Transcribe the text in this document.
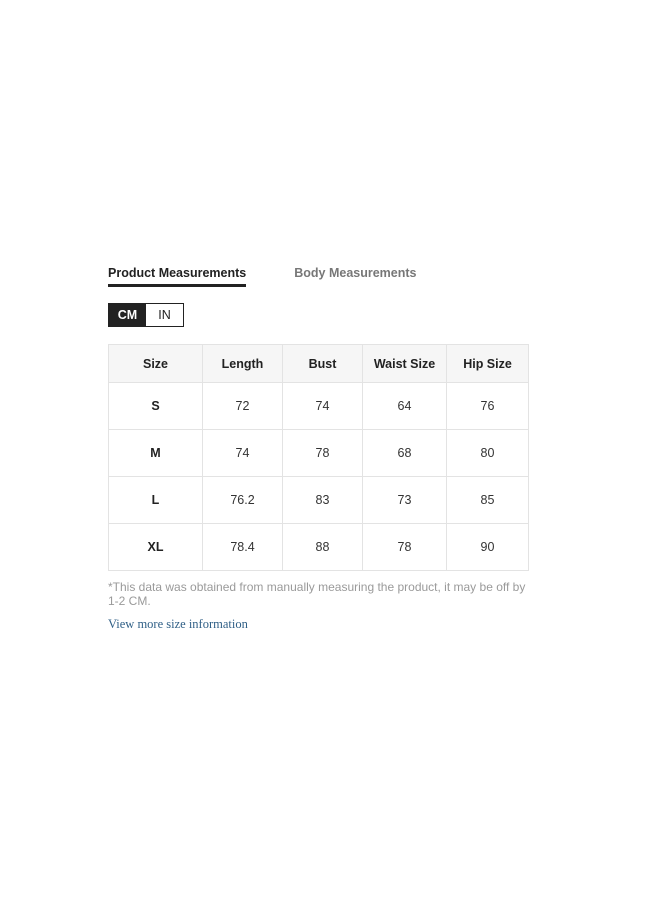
Product Measurements	Body Measurements
CM	IN
Size	Length	Bust	Waist Size	Hip Size
S	72	74	64	76
M	74	78	68	80
L	76.2	83	73	85
XL	78.4	88	78	90
*This data was obtained from manually measuring the product, it may be off by 1-2 CM.
View more size information
